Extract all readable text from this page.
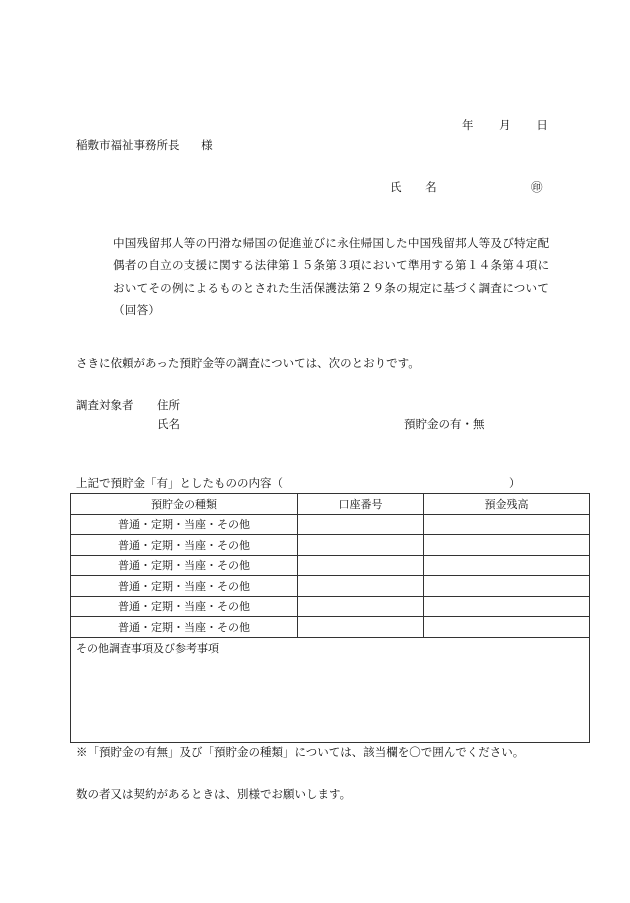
年 月 日
稲敷市福祉事務所長 様
氏 名	㊞
中国残留邦人等の円滑な帰国の促進並びに永住帰国した中国残留邦人等及び特定配
偶者の自立の支援に関する法律第１５条第３項において準用する第１４条第４項に
おいてその例によるものとされた生活保護法第２９条の規定に基づく調査について
（回答）
さきに依頼があった預貯金等の調査については、次のとおりです。
調査対象者 住所
氏名	預貯金の有・無
上記で預貯金「有」としたものの内容（	）
預貯金の種類	口座番号	預金残高
普通・定期・当座・その他		
普通・定期・当座・その他		
普通・定期・当座・その他		
普通・定期・当座・その他		
普通・定期・当座・その他		
普通・定期・当座・その他		
その他調査事項及び参考事項		
※「預貯金の有無」及び「預貯金の種類」については、該当欄を〇で囲んでください。
数の者又は契約があるときは、別様でお願いします。
